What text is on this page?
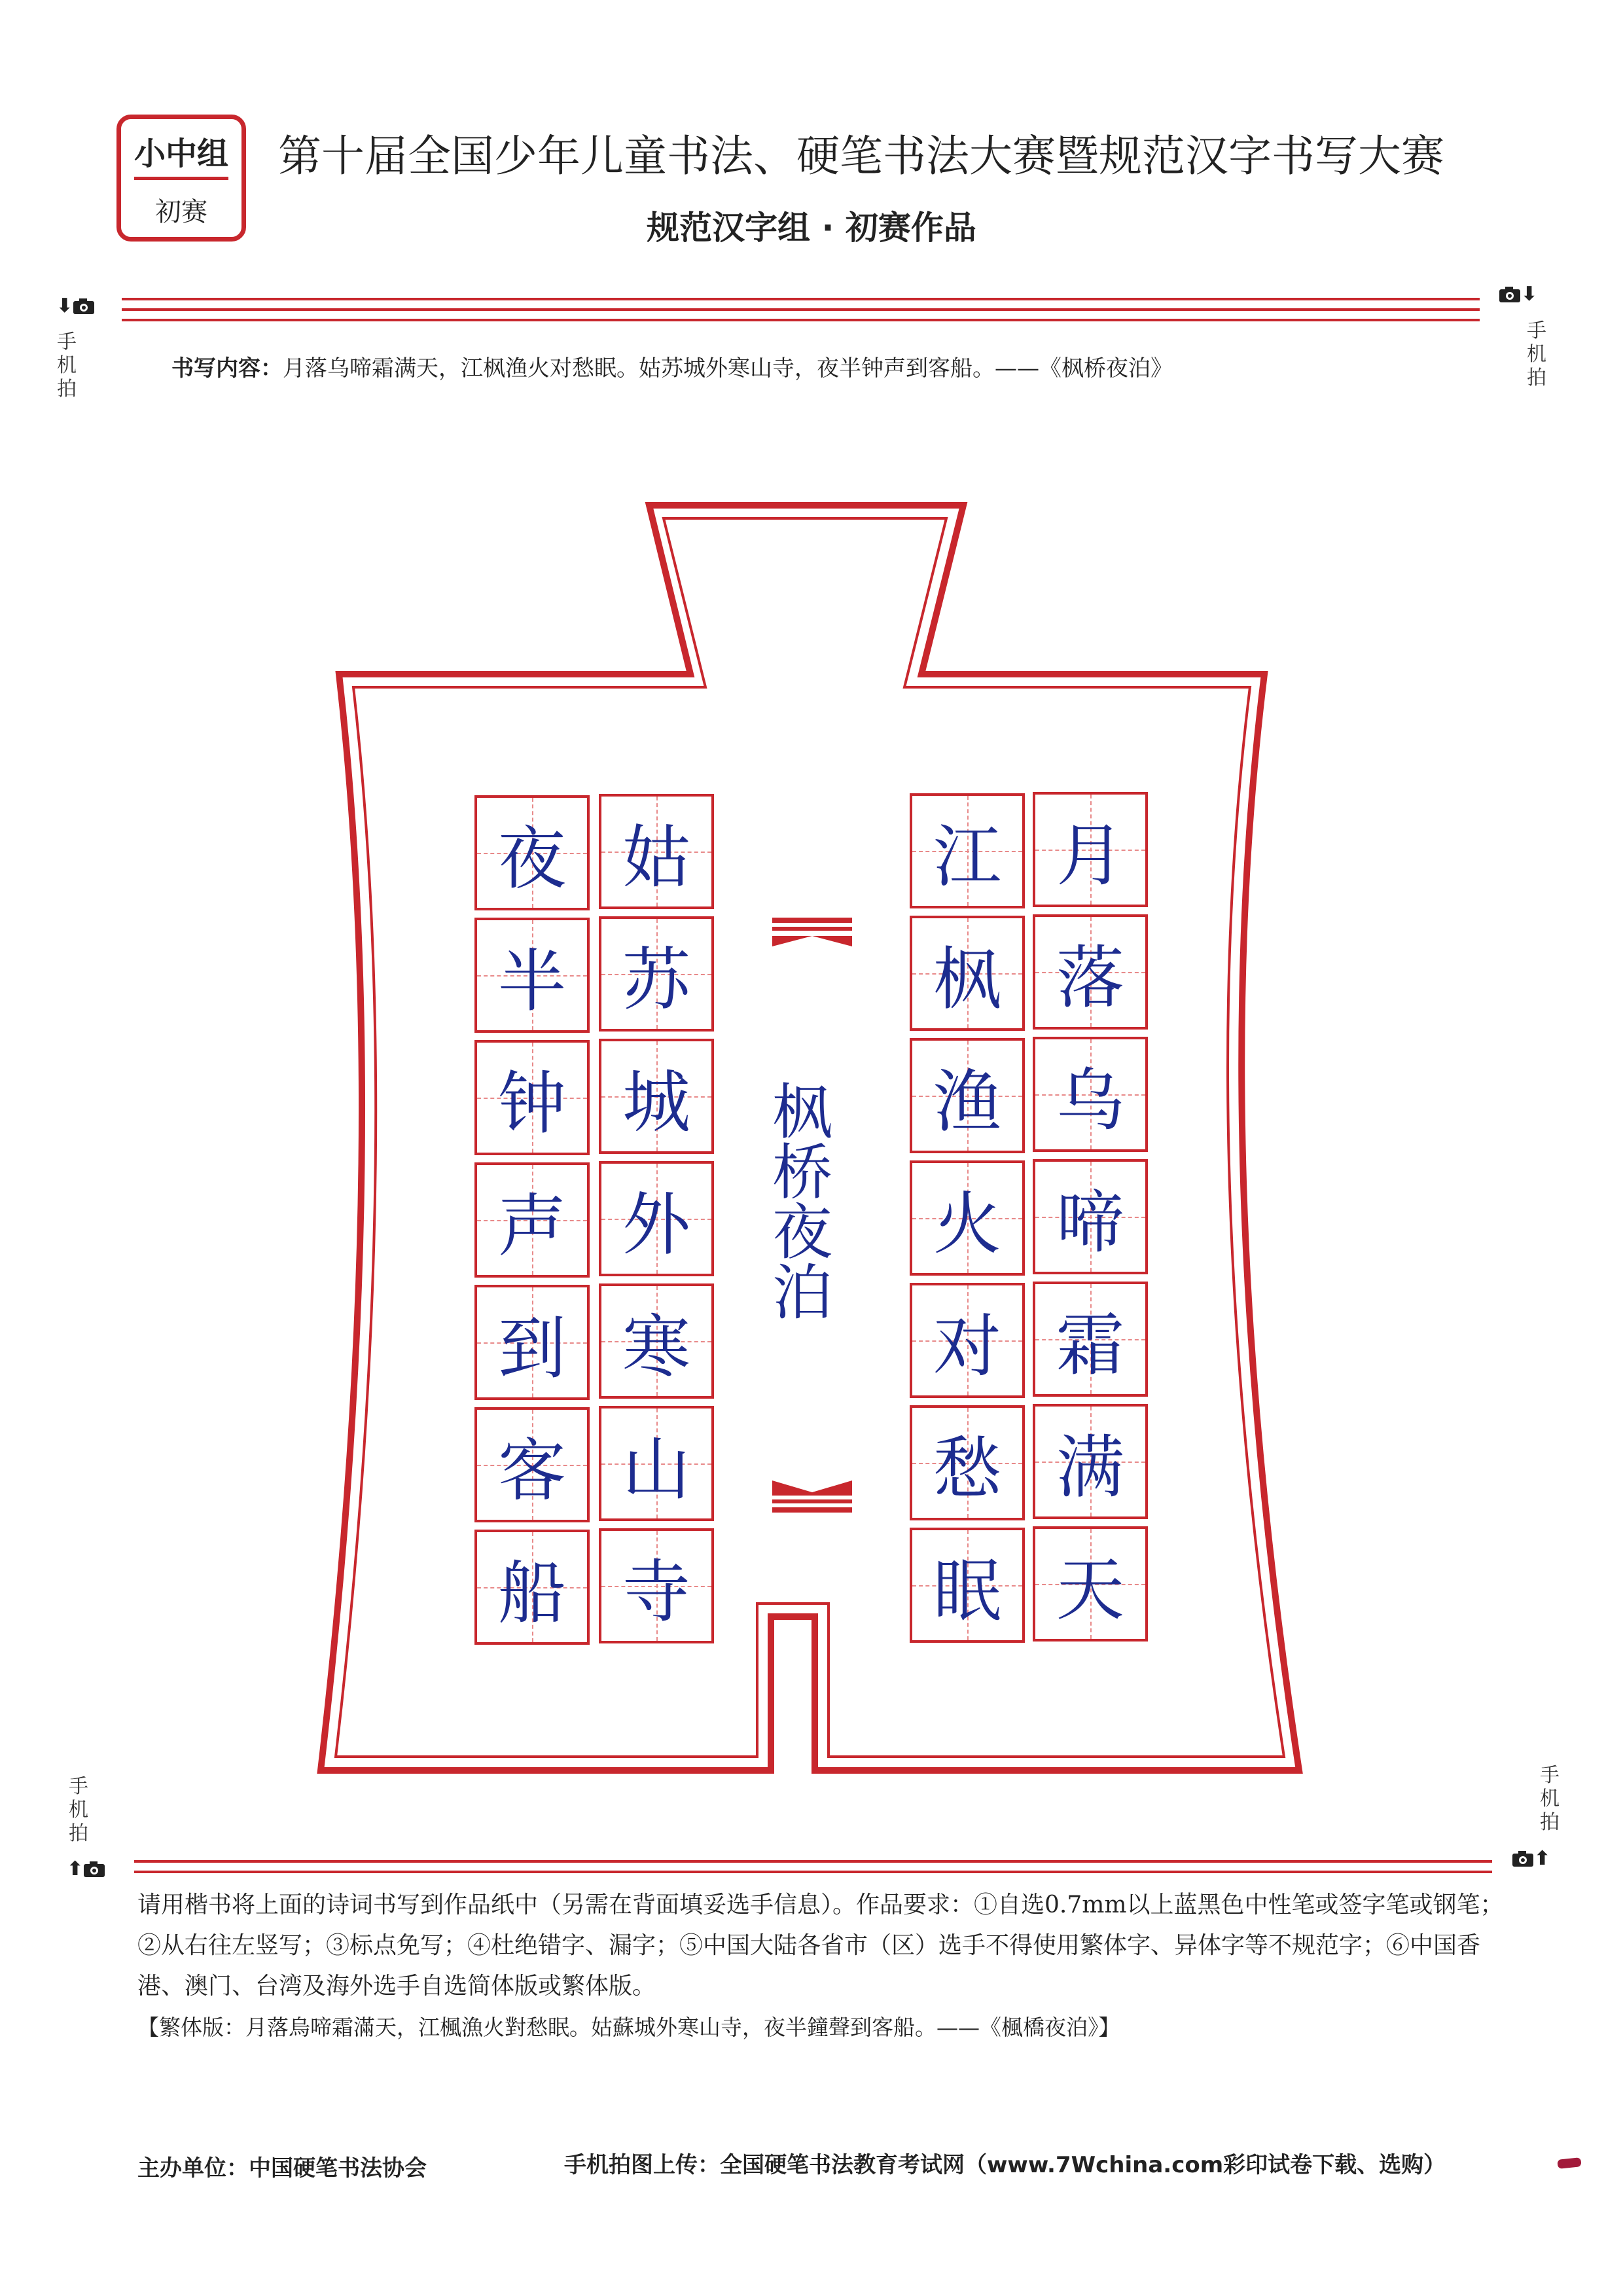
小中组
初赛
第十届全国少年儿童书法、硬笔书法大赛暨规范汉字书写大赛
规范汉字组 · 初赛作品
⬇
手
机
拍
⬇
手
机
拍
书写内容：月落乌啼霜满天，江枫渔火对愁眠。姑苏城外寒山寺，夜半钟声到客船。——《枫桥夜泊》
月
落
乌
啼
霜
满
天
江
枫
渔
火
对
愁
眠
姑
苏
城
外
寒
山
寺
夜
半
钟
声
到
客
船
枫桥夜泊
手
机
拍
⬆
手
机
拍
⬆
请用楷书将上面的诗词书写到作品纸中（另需在背面填妥选手信息）。作品要求：①自选0.7mm以上蓝黑色中性笔或签字笔或钢笔；②从右往左竖写；③标点免写；④杜绝错字、漏字；⑤中国大陆各省市（区）选手不得使用繁体字、异体字等不规范字；⑥中国香港、澳门、台湾及海外选手自选简体版或繁体版。
【繁体版：月落烏啼霜滿天，江楓漁火對愁眠。姑蘇城外寒山寺，夜半鐘聲到客船。——《楓橋夜泊》】
主办单位：中国硬笔书法协会	手机拍图上传：全国硬笔书法教育考试网（www.7Wchina.com彩印试卷下载、选购）
